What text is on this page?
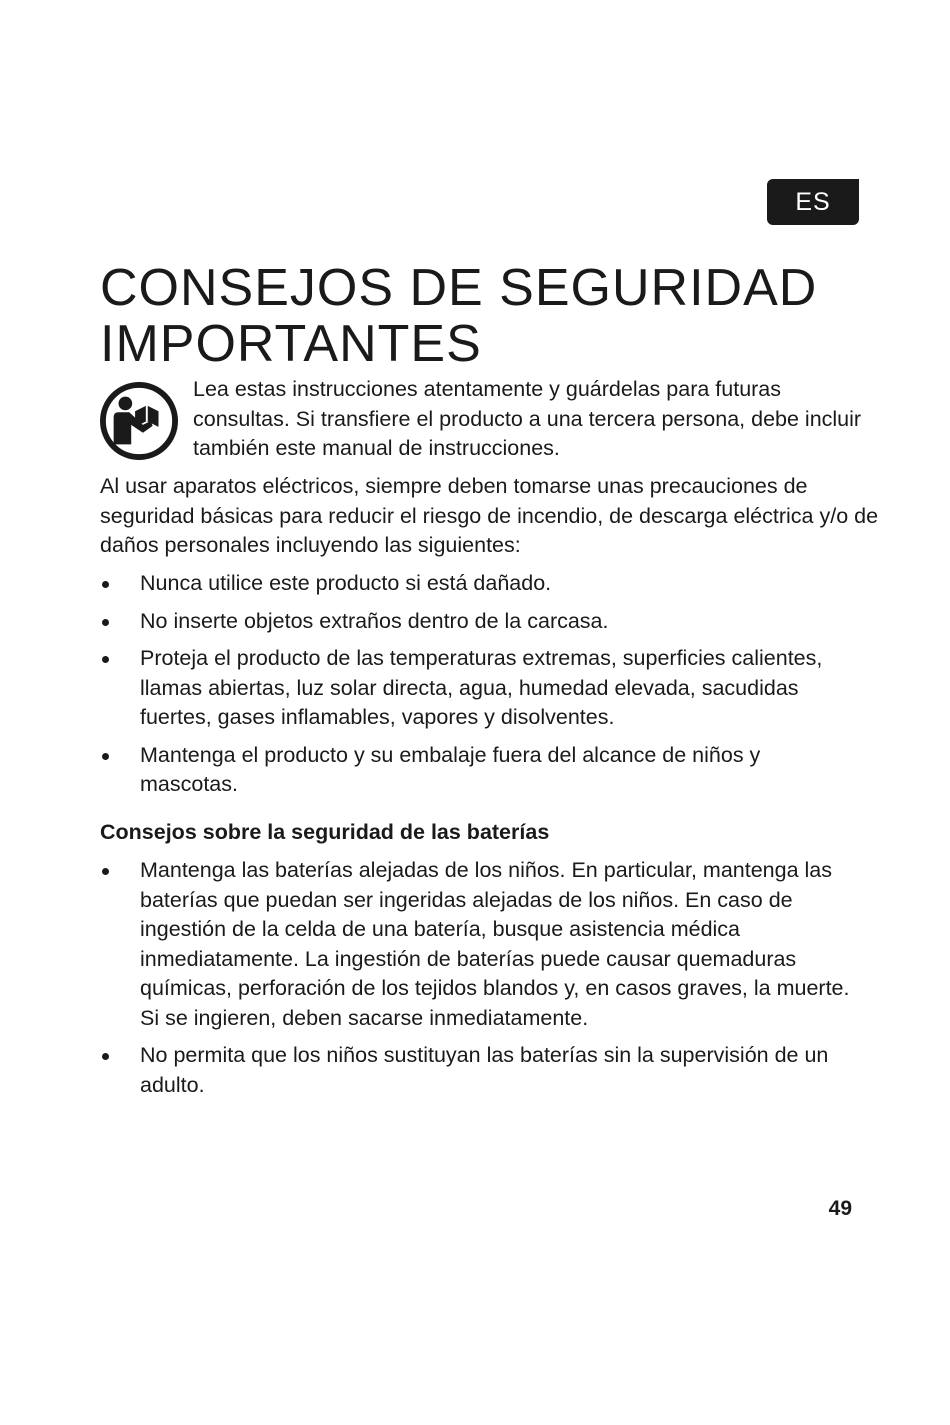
ES
CONSEJOS DE SEGURIDAD IMPORTANTES

Lea estas instrucciones atentamente y guárdelas para futuras consultas. Si transfiere el producto a una tercera persona, debe incluir también este manual de instrucciones.

Al usar aparatos eléctricos, siempre deben tomarse unas precauciones de seguridad básicas para reducir el riesgo de incendio, de descarga eléctrica y/o de daños personales incluyendo las siguientes:

Nunca utilice este producto si está dañado.
No inserte objetos extraños dentro de la carcasa.
Proteja el producto de las temperaturas extremas, superficies calientes, llamas abiertas, luz solar directa, agua, humedad elevada, sacudidas fuertes, gases inflamables, vapores y disolventes.
Mantenga el producto y su embalaje fuera del alcance de niños y mascotas.
Consejos sobre la seguridad de las baterías
Mantenga las baterías alejadas de los niños. En particular, mantenga las baterías que puedan ser ingeridas alejadas de los niños. En caso de ingestión de la celda de una batería, busque asistencia médica inmediatamente. La ingestión de baterías puede causar quemaduras químicas, perforación de los tejidos blandos y, en casos graves, la muerte. Si se ingieren, deben sacarse inmediatamente.
No permita que los niños sustituyan las baterías sin la supervisión de un adulto.
49
